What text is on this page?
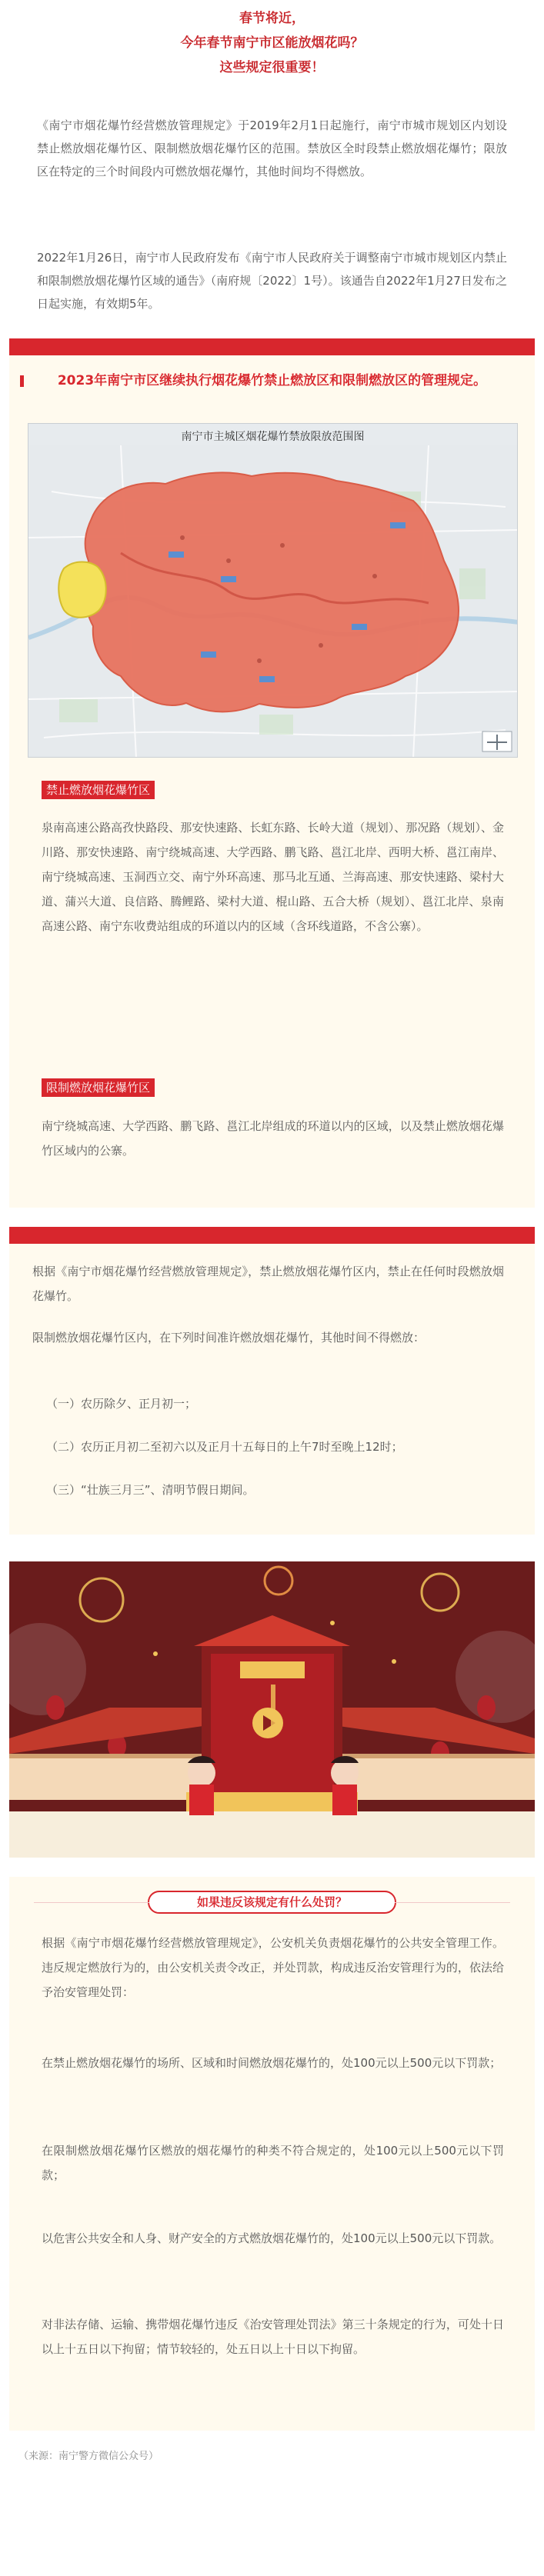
春节将近，
今年春节南宁市区能放烟花吗？
这些规定很重要！

《南宁市烟花爆竹经营燃放管理规定》于2019年2月1日起施行，南宁市城市规划区内划设禁止燃放烟花爆竹区、限制燃放烟花爆竹区的范围。禁放区全时段禁止燃放烟花爆竹；限放区在特定的三个时间段内可燃放烟花爆竹，其他时间均不得燃放。

2022年1月26日，南宁市人民政府发布《南宁市人民政府关于调整南宁市城市规划区内禁止和限制燃放烟花爆竹区域的通告》（南府规〔2022〕1号）。该通告自2022年1月27日发布之日起实施，有效期5年。

2023年南宁市区继续执行烟花爆竹禁止燃放区和限制燃放区的管理规定。
南宁市主城区烟花爆竹禁放限放范围图
禁止燃放烟花爆竹区

泉南高速公路高孜快路段、那安快速路、长虹东路、长岭大道（规划）、那况路（规划）、金川路、那安快速路、南宁绕城高速、大学西路、鹏飞路、邕江北岸、西明大桥、邕江南岸、南宁绕城高速、玉洞西立交、南宁外环高速、那马北互通、兰海高速、那安快速路、梁村大道、蒲兴大道、良信路、腾鲤路、梁村大道、棍山路、五合大桥（规划）、邕江北岸、泉南高速公路、南宁东收费站组成的环道以内的区域（含环线道路，不含公寨）。

限制燃放烟花爆竹区

南宁绕城高速、大学西路、鹏飞路、邕江北岸组成的环道以内的区域，以及禁止燃放烟花爆竹区域内的公寨。

根据《南宁市烟花爆竹经营燃放管理规定》，禁止燃放烟花爆竹区内，禁止在任何时段燃放烟花爆竹。

限制燃放烟花爆竹区内，在下列时间准许燃放烟花爆竹，其他时间不得燃放：

（一）农历除夕、正月初一；

（二）农历正月初二至初六以及正月十五每日的上午7时至晚上12时；

（三）“壮族三月三”、清明节假日期间。

如果违反该规定有什么处罚？

根据《南宁市烟花爆竹经营燃放管理规定》，公安机关负责烟花爆竹的公共安全管理工作。违反规定燃放行为的，由公安机关责令改正，并处罚款，构成违反治安管理行为的，依法给予治安管理处罚：

在禁止燃放烟花爆竹的场所、区域和时间燃放烟花爆竹的，处100元以上500元以下罚款；

在限制燃放烟花爆竹区燃放的烟花爆竹的种类不符合规定的，处100元以上500元以下罚款；

以危害公共安全和人身、财产安全的方式燃放烟花爆竹的，处100元以上500元以下罚款。

对非法存储、运输、携带烟花爆竹违反《治安管理处罚法》第三十条规定的行为，可处十日以上十五日以下拘留；情节较轻的，处五日以上十日以下拘留。

（来源：南宁警方微信公众号）
